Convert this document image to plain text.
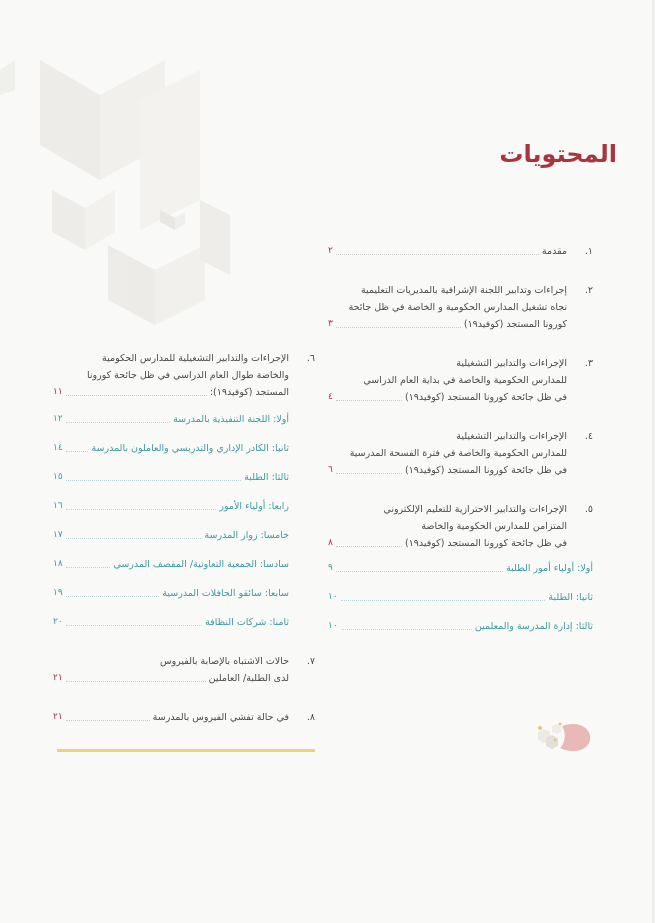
المحتويات
١.
مقدمة
٢
٢.
إجراءات وتدابير اللجنة الإشرافية بالمديريات التعليمية
تجاه تشغيل المدارس الحكومية و الخاصة في ظل جائحة
كورونا المستجد (كوفيد١٩)
٣
٣.
الإجراءات والتدابير التشغيلية
للمدارس الحكومية والخاصة في بداية العام الدراسي
في ظل جائحة كورونا المستجد (كوفيد١٩)
٤
٤.
الإجراءات والتدابير التشغيلية
للمدارس الحكومية والخاصة في فترة الفسحة المدرسية
في ظل جائحة كورونا المستجد (كوفيد١٩)
٦
٥.
الإجراءات والتدابير الاحترازية للتعليم الإلكتروني
المتزامن للمدارس الحكومية والخاصة
في ظل جائحة كورونا المستجد (كوفيد١٩)
٨
أولا: أولياء أمور الطلبة
٩
ثانيا: الطلبة
١٠
ثالثا: إدارة المدرسة والمعلمين
١٠
٦.
الإجراءات والتدابير التشغيلية للمدارس الحكومية
والخاصة طوال العام الدراسي في ظل جائحة كورونا
المستجد (كوفيد١٩):
١١
أولا: اللجنة التنفيذية بالمدرسة
١٢
ثانيا: الكادر الإداري والتدريسي والعاملون بالمدرسة
١٤
ثالثا: الطلبة
١٥
رابعا: أولياء الأمور
١٦
خامسا: زوار المدرسة
١٧
سادسا: الجمعية التعاونية/ المقصف المدرسي
١٨
سابعا: سائقو الحافلات المدرسية
١٩
ثامنا: شركات النظافة
٢٠
٧.
حالات الاشتباه بالإصابة بالفيروس
لدى الطلبة/ العاملين
٢١
٨.
في حالة تفشي الفيروس بالمدرسة
٢١
